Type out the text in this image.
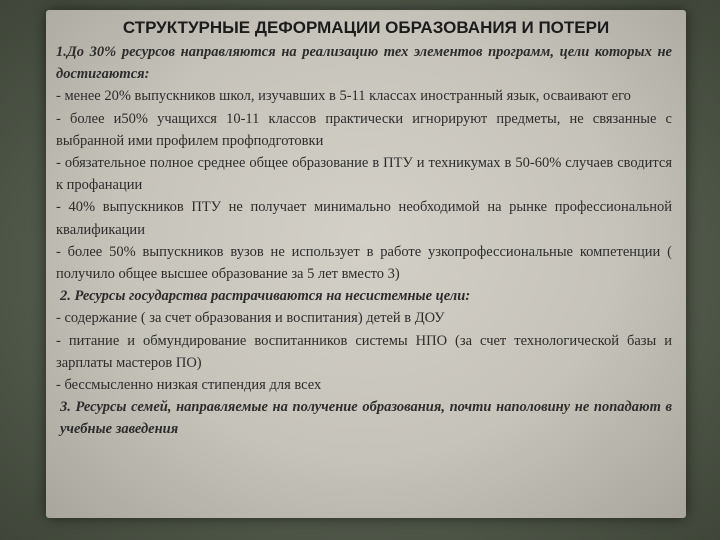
СТРУКТУРНЫЕ ДЕФОРМАЦИИ ОБРАЗОВАНИЯ И ПОТЕРИ

1.До 30% ресурсов направляются на реализацию тех элементов программ, цели которых не достигаются:

- менее 20% выпускников школ, изучавших в 5-11 классах иностранный язык, осваивают его

- более и50% учащихся 10-11 классов практически игнорируют предметы, не связанные с выбранной ими профилем профподготовки

- обязательное полное среднее общее образование в ПТУ и техникумах в 50-60% случаев сводится к профанации

- 40% выпускников ПТУ не получает минимально необходимой на рынке профессиональной квалификации

- более 50% выпускников вузов не использует в работе узкопрофессиональные компетенции ( получило общее высшее образование за 5 лет вместо 3)

2. Ресурсы государства растрачиваются на несистемные цели:

- содержание ( за счет образования и воспитания) детей в ДОУ

- питание и обмундирование воспитанников системы НПО (за счет технологической базы и зарплаты мастеров ПО)

- бессмысленно низкая стипендия для всех

3. Ресурсы семей, направляемые на получение образования, почти наполовину не попадают в учебные заведения
